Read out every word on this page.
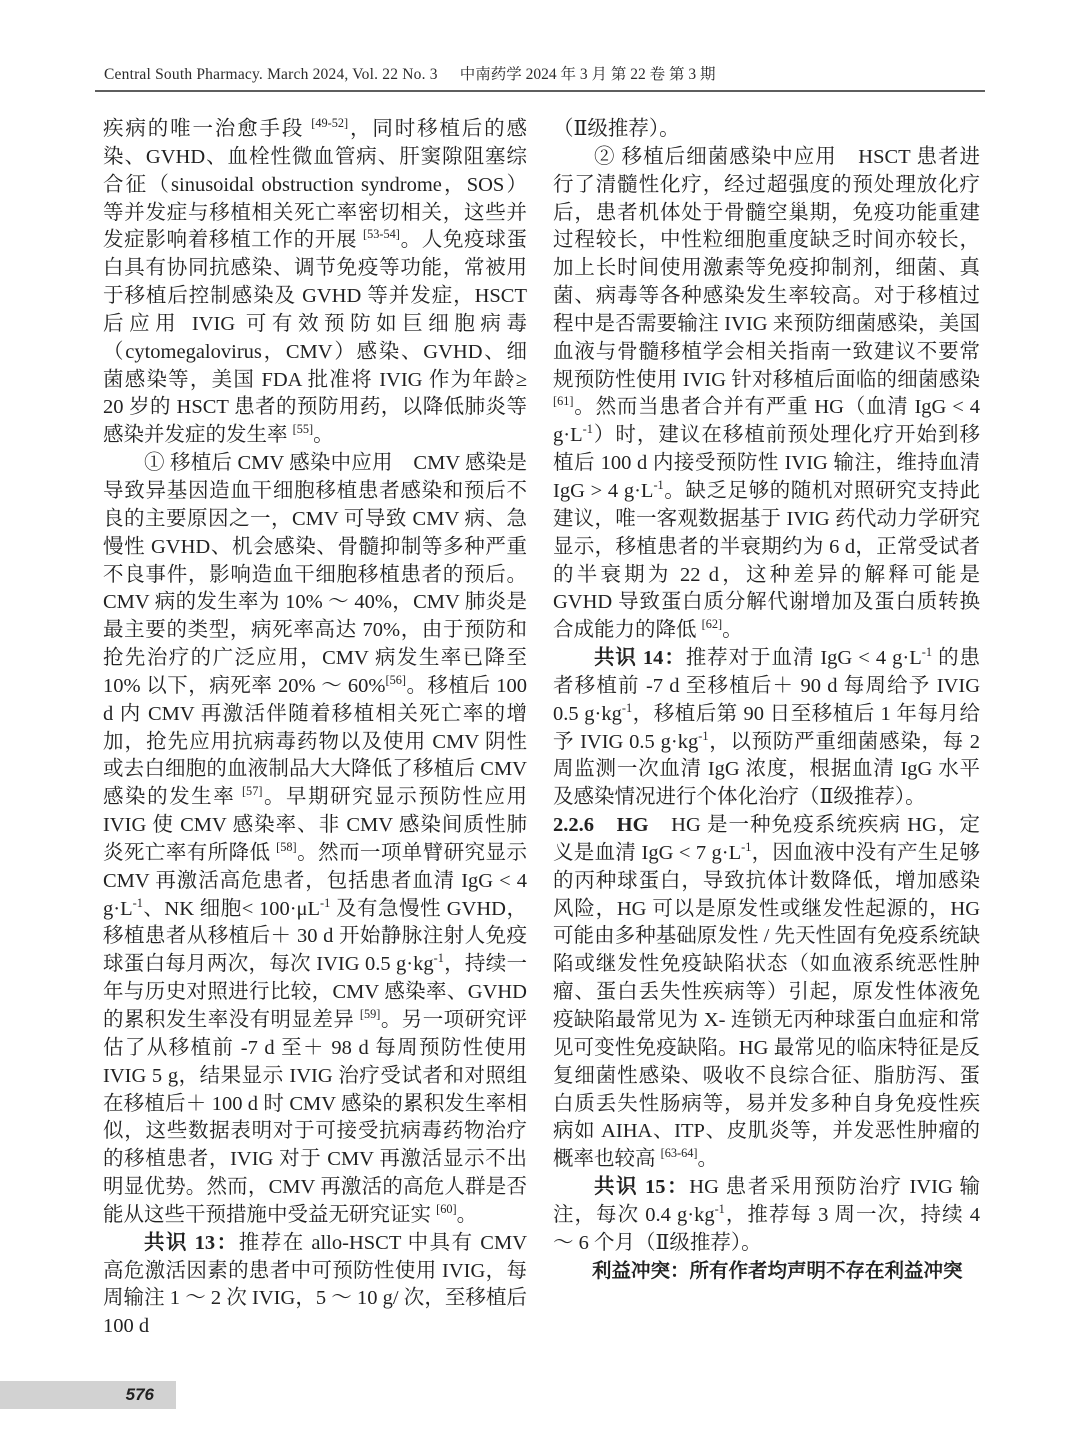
Central South Pharmacy. March 2024, Vol. 22 No. 3 中南药学 2024 年 3 月 第 22 卷 第 3 期

疾病的唯一治愈手段 [49-52]，同时移植后的感染、GVHD、血栓性微血管病、肝窦隙阻塞综合征（sinusoidal obstruction syndrome，SOS）等并发症与移植相关死亡率密切相关，这些并发症影响着移植工作的开展 [53-54]。人免疫球蛋白具有协同抗感染、调节免疫等功能，常被用于移植后控制感染及 GVHD 等并发症，HSCT 后应用 IVIG 可有效预防如巨细胞病毒（cytomegalovirus，CMV）感染、GVHD、细菌感染等，美国 FDA 批准将 IVIG 作为年龄≥ 20 岁的 HSCT 患者的预防用药，以降低肺炎等感染并发症的发生率 [55]。

① 移植后 CMV 感染中应用　CMV 感染是导致异基因造血干细胞移植患者感染和预后不良的主要原因之一，CMV 可导致 CMV 病、急慢性 GVHD、机会感染、骨髓抑制等多种严重不良事件，影响造血干细胞移植患者的预后。CMV 病的发生率为 10% ～ 40%，CMV 肺炎是最主要的类型，病死率高达 70%，由于预防和抢先治疗的广泛应用，CMV 病发生率已降至 10% 以下，病死率 20% ～ 60%[56]。移植后 100 d 内 CMV 再激活伴随着移植相关死亡率的增加，抢先应用抗病毒药物以及使用 CMV 阴性或去白细胞的血液制品大大降低了移植后 CMV 感染的发生率 [57]。早期研究显示预防性应用 IVIG 使 CMV 感染率、非 CMV 感染间质性肺炎死亡率有所降低 [58]。然而一项单臂研究显示 CMV 再激活高危患者，包括患者血清 IgG < 4 $g\cdot L^{-1}$、NK 细胞< $100\cdot\mu L^{-1}$ 及有急慢性 GVHD，移植患者从移植后＋ 30 d 开始静脉注射人免疫球蛋白每月两次，每次 IVIG 0.5 $g\cdot kg^{-1}$，持续一年与历史对照进行比较，CMV 感染率、GVHD 的累积发生率没有明显差异 [59]。另一项研究评估了从移植前 -7 d 至＋ 98 d 每周预防性使用 IVIG 5 g，结果显示 IVIG 治疗受试者和对照组在移植后＋ 100 d 时 CMV 感染的累积发生率相似，这些数据表明对于可接受抗病毒药物治疗的移植患者，IVIG 对于 CMV 再激活显示不出明显优势。然而，CMV 再激活的高危人群是否能从这些干预措施中受益无研究证实 [60]。

共识 13：推荐在 allo-HSCT 中具有 CMV 高危激活因素的患者中可预防性使用 IVIG，每周输注 1 ～ 2 次 IVIG，5 ～ 10 g/ 次，至移植后 100 d

（Ⅱ级推荐）。

② 移植后细菌感染中应用　HSCT 患者进行了清髓性化疗，经过超强度的预处理放化疗后，患者机体处于骨髓空巢期，免疫功能重建过程较长，中性粒细胞重度缺乏时间亦较长，加上长时间使用激素等免疫抑制剂，细菌、真菌、病毒等各种感染发生率较高。对于移植过程中是否需要输注 IVIG 来预防细菌感染，美国血液与骨髓移植学会相关指南一致建议不要常规预防性使用 IVIG 针对移植后面临的细菌感染 [61]。然而当患者合并有严重 HG（血清 IgG < 4 $g\cdot L^{-1}$）时，建议在移植前预处理化疗开始到移植后 100 d 内接受预防性 IVIG 输注，维持血清 IgG > 4 $g\cdot L^{-1}$。缺乏足够的随机对照研究支持此建议，唯一客观数据基于 IVIG 药代动力学研究显示，移植患者的半衰期约为 6 d，正常受试者的半衰期为 22 d，这种差异的解释可能是 GVHD 导致蛋白质分解代谢增加及蛋白质转换合成能力的降低 [62]。

共识 14：推荐对于血清 IgG < 4 $g\cdot L^{-1}$ 的患者移植前 -7 d 至移植后＋ 90 d 每周给予 IVIG 0.5 $g\cdot kg^{-1}$，移植后第 90 日至移植后 1 年每月给予 IVIG 0.5 $g\cdot kg^{-1}$，以预防严重细菌感染，每 2 周监测一次血清 IgG 浓度，根据血清 IgG 水平及感染情况进行个体化治疗（Ⅱ级推荐）。

2.2.6　HG　HG 是一种免疫系统疾病 HG，定义是血清 IgG < 7 $g\cdot L^{-1}$，因血液中没有产生足够的丙种球蛋白，导致抗体计数降低，增加感染风险，HG 可以是原发性或继发性起源的，HG 可能由多种基础原发性 / 先天性固有免疫系统缺陷或继发性免疫缺陷状态（如血液系统恶性肿瘤、蛋白丢失性疾病等）引起，原发性体液免疫缺陷最常见为 X- 连锁无丙种球蛋白血症和常见可变性免疫缺陷。HG 最常见的临床特征是反复细菌性感染、吸收不良综合征、脂肪泻、蛋白质丢失性肠病等，易并发多种自身免疫性疾病如 AIHA、ITP、皮肌炎等，并发恶性肿瘤的概率也较高 [63-64]。

共识 15：HG 患者采用预防治疗 IVIG 输注，每次 0.4 $g\cdot kg^{-1}$，推荐每 3 周一次，持续 4 ～ 6 个月（Ⅱ级推荐）。

利益冲突：所有作者均声明不存在利益冲突

576
